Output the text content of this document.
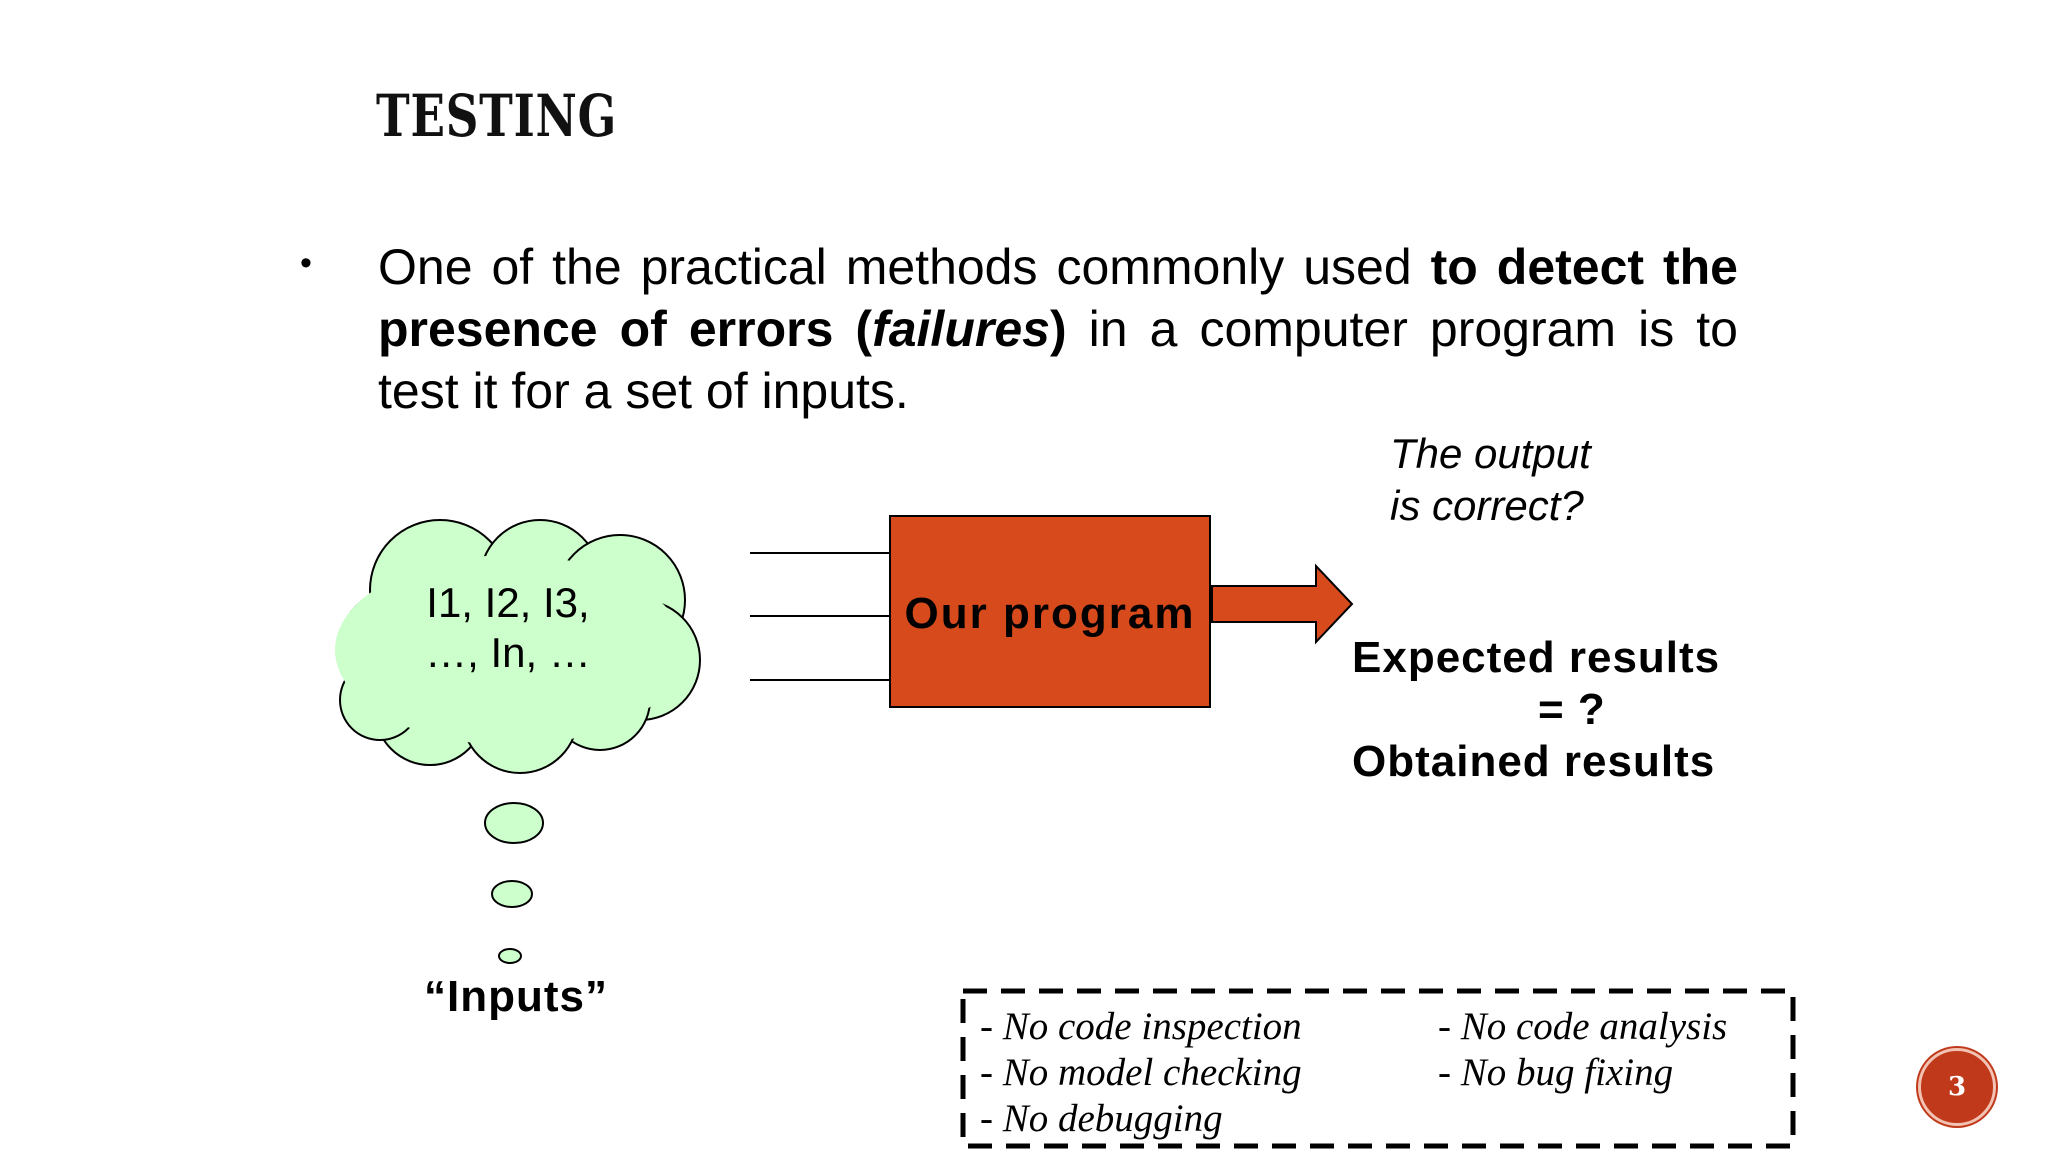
TESTING
• One of the practical methods commonly used to detect the presence of errors (failures) in a computer program is to test it for a set of inputs.
I1, I2, I3,
…, In, …
Our program
The output
is correct?
Expected results
= ?
Obtained results
“Inputs”
- No code inspection
- No model checking
- No debugging
- No code analysis
- No bug fixing	3
